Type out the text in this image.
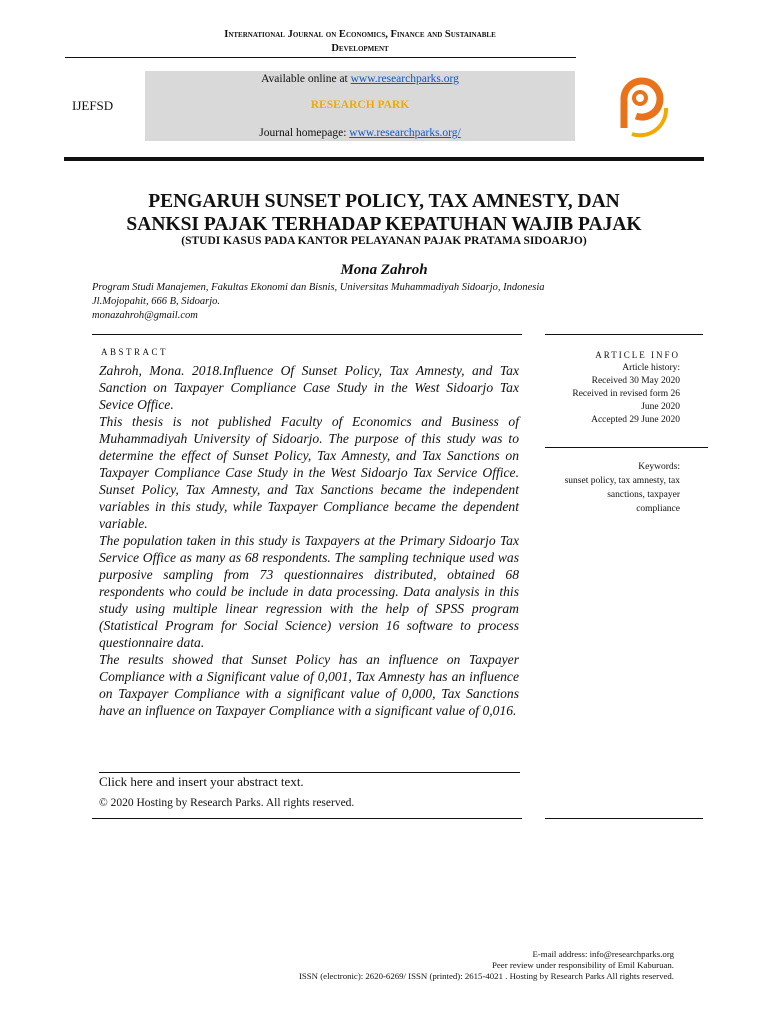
International Journal on Economics, Finance and Sustainable
Development
IJEFSD
Available online at www.researchparks.org
RESEARCH PARK
Journal homepage: www.researchparks.org/
PENGARUH SUNSET POLICY, TAX AMNESTY, DAN
SANKSI PAJAK TERHADAP KEPATUHAN WAJIB PAJAK
(STUDI KASUS PADA KANTOR PELAYANAN PAJAK PRATAMA SIDOARJO)
Mona Zahroh
Program Studi Manajemen, Fakultas Ekonomi dan Bisnis, Universitas Muhammadiyah Sidoarjo, Indonesia
Jl.Mojopahit, 666 B, Sidoarjo.
monazahroh@gmail.com
ABSTRACT

Zahroh, Mona. 2018.Influence Of Sunset Policy, Tax Amnesty, and Tax Sanction on Taxpayer Compliance Case Study in the West Sidoarjo Tax Sevice Office.

This thesis is not published Faculty of Economics and Business of Muhammadiyah University of Sidoarjo. The purpose of this study was to determine the effect of Sunset Policy, Tax Amnesty, and Tax Sanctions on Taxpayer Compliance Case Study in the West Sidoarjo Tax Service Office. Sunset Policy, Tax Amnesty, and Tax Sanctions became the independent variables in this study, while Taxpayer Compliance became the dependent variable.

The population taken in this study is Taxpayers at the Primary Sidoarjo Tax Service Office as many as 68 respondents. The sampling technique used was purposive sampling from 73 questionnaires distributed, obtained 68 respondents who could be include in data processing. Data analysis in this study using multiple linear regression with the help of SPSS program (Statistical Program for Social Science) version 16 software to process questionnaire data.

The results showed that Sunset Policy has an influence on Taxpayer Compliance with a Significant value of 0,001, Tax Amnesty has an influence on Taxpayer Compliance with a significant value of 0,000, Tax Sanctions have an influence on Taxpayer Compliance with a significant value of 0,016.

ARTICLE INFO
Article history:
Received 30 May 2020
Received in revised form 26
June 2020
Accepted 29 June 2020
Keywords:
sunset policy, tax amnesty, tax
sanctions, taxpayer
compliance
Click here and insert your abstract text.
© 2020 Hosting by Research Parks. All rights reserved.
E-mail address: info@researchparks.org
Peer review under responsibility of Emil Kaburuan.
ISSN (electronic): 2620-6269/ ISSN (printed): 2615-4021 . Hosting by Research Parks All rights reserved.
